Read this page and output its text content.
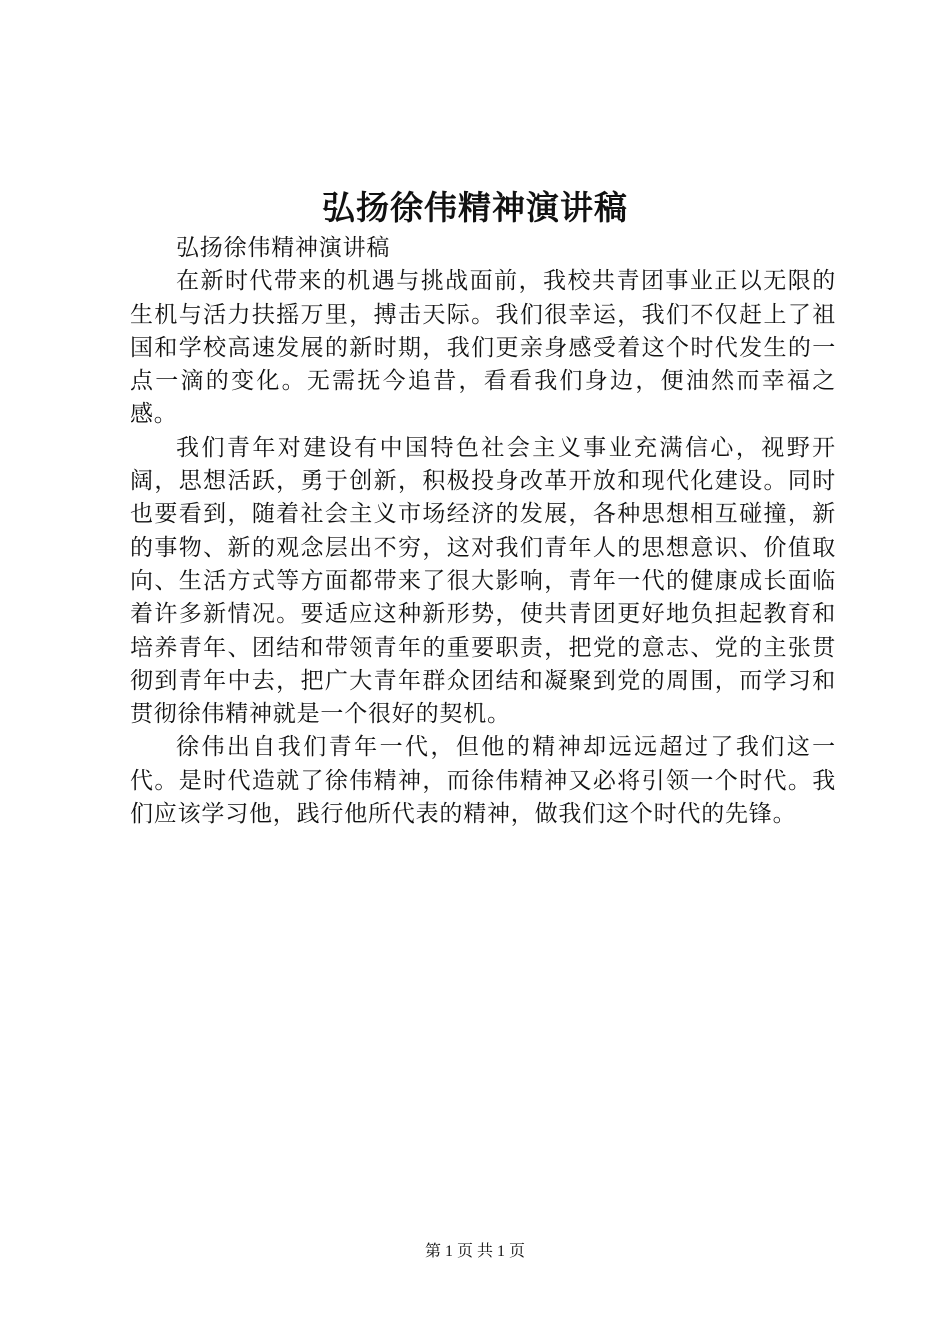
弘扬徐伟精神演讲稿

弘扬徐伟精神演讲稿

在新时代带来的机遇与挑战面前，我校共青团事业正以无限的生机与活力扶摇万里，搏击天际。我们很幸运，我们不仅赶上了祖国和学校高速发展的新时期，我们更亲身感受着这个时代发生的一点一滴的变化。无需抚今追昔，看看我们身边，便油然而幸福之感。

我们青年对建设有中国特色社会主义事业充满信心，视野开阔，思想活跃，勇于创新，积极投身改革开放和现代化建设。同时也要看到，随着社会主义市场经济的发展，各种思想相互碰撞，新的事物、新的观念层出不穷，这对我们青年人的思想意识、价值取向、生活方式等方面都带来了很大影响，青年一代的健康成长面临着许多新情况。要适应这种新形势，使共青团更好地负担起教育和培养青年、团结和带领青年的重要职责，把党的意志、党的主张贯彻到青年中去，把广大青年群众团结和凝聚到党的周围，而学习和贯彻徐伟精神就是一个很好的契机。

徐伟出自我们青年一代，但他的精神却远远超过了我们这一代。是时代造就了徐伟精神，而徐伟精神又必将引领一个时代。我们应该学习他，践行他所代表的精神，做我们这个时代的先锋。

第 1 页 共 1 页
